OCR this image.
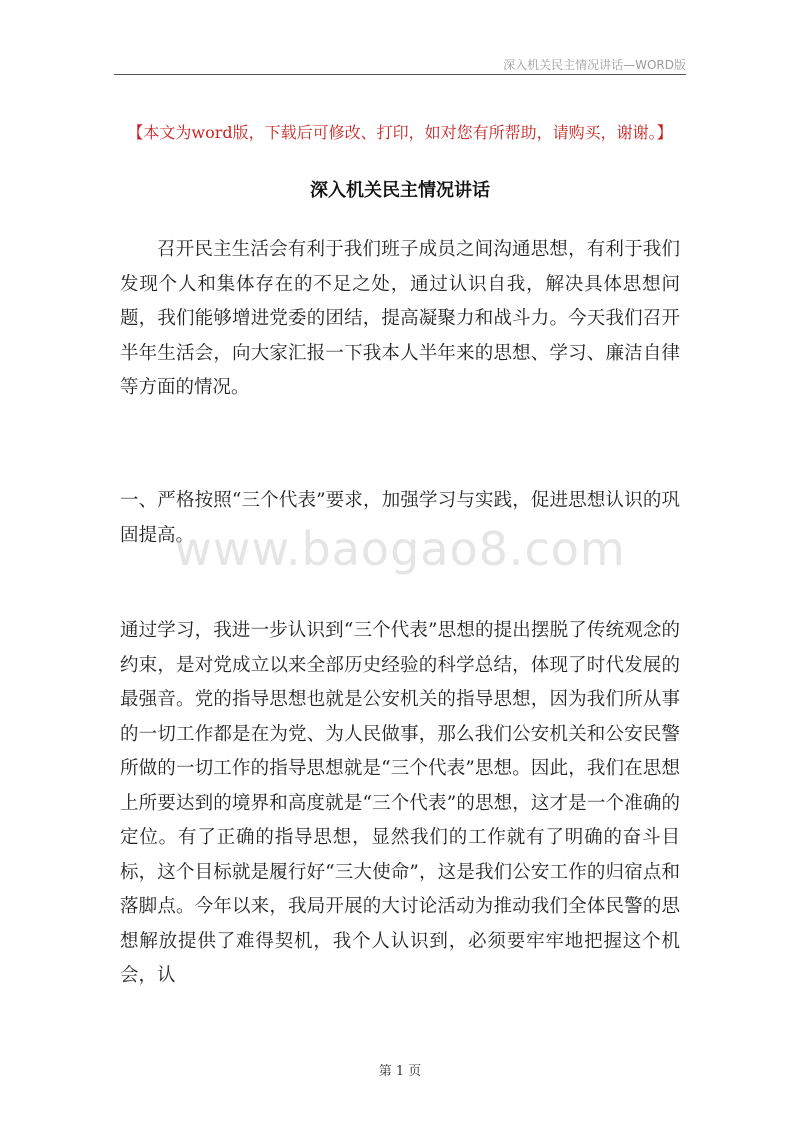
深入机关民主情况讲话—WORD版
【本文为word版，下载后可修改、打印，如对您有所帮助，请购买，谢谢。】
深入机关民主情况讲话

召开民主生活会有利于我们班子成员之间沟通思想，有利于我们发现个人和集体存在的不足之处，通过认识自我，解决具体思想问题，我们能够增进党委的团结，提高凝聚力和战斗力。今天我们召开半年生活会，向大家汇报一下我本人半年来的思想、学习、廉洁自律等方面的情况。

一、严格按照“三个代表”要求，加强学习与实践，促进思想认识的巩固提高。

通过学习，我进一步认识到“三个代表”思想的提出摆脱了传统观念的约束，是对党成立以来全部历史经验的科学总结，体现了时代发展的最强音。党的指导思想也就是公安机关的指导思想，因为我们所从事的一切工作都是在为党、为人民做事，那么我们公安机关和公安民警所做的一切工作的指导思想就是“三个代表”思想。因此，我们在思想上所要达到的境界和高度就是“三个代表”的思想，这才是一个准确的定位。有了正确的指导思想，显然我们的工作就有了明确的奋斗目标，这个目标就是履行好“三大使命”，这是我们公安工作的归宿点和落脚点。今年以来，我局开展的大讨论活动为推动我们全体民警的思想解放提供了难得契机，我个人认识到，必须要牢牢地把握这个机会，认

www.baogao8.com
第 1 页
